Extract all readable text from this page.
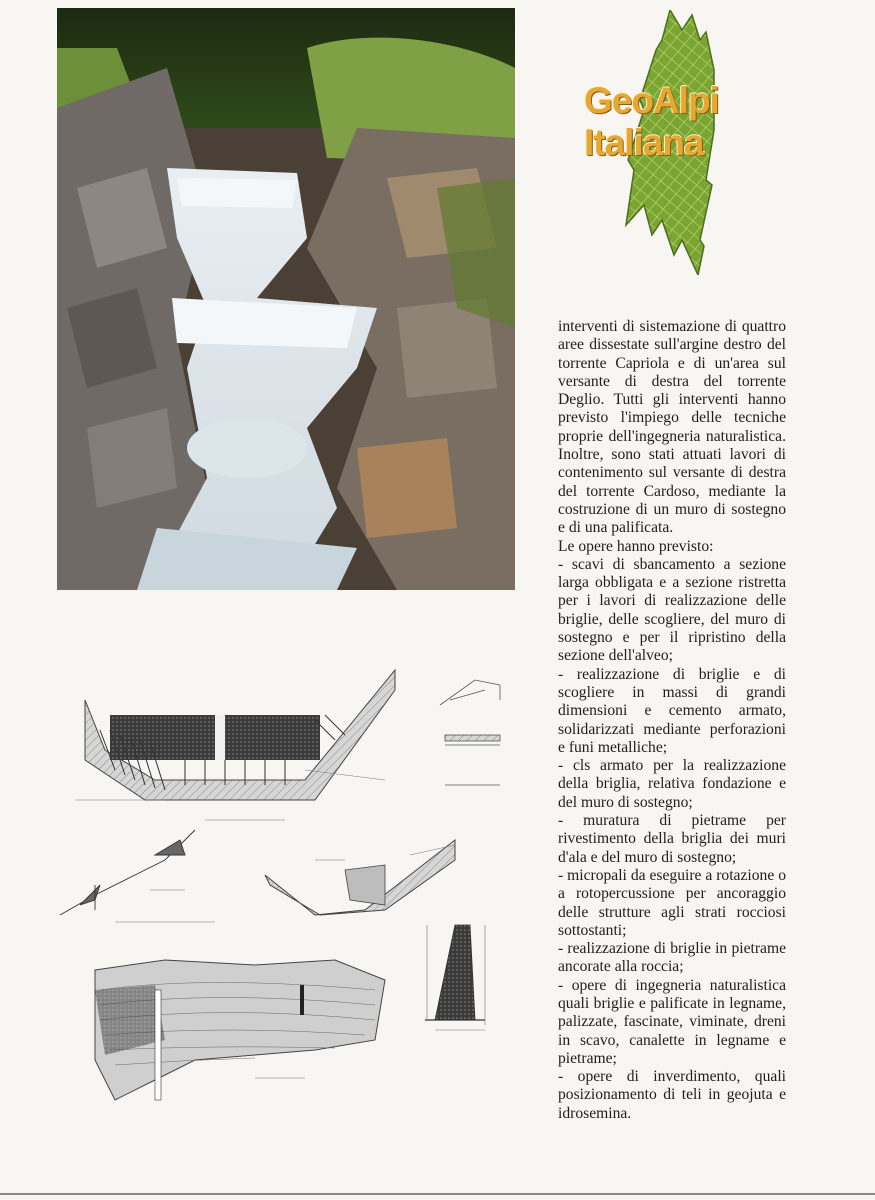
GeoAlpi
Italiana

interventi di sistemazione di quattro aree dissestate sull'argine destro del torrente Capriola e di un'area sul versante di destra del torrente Deglio. Tutti gli interventi hanno previsto l'impiego delle tecniche proprie dell'ingegneria naturalistica. Inoltre, sono stati attuati lavori di contenimento sul versante di destra del torrente Cardoso, mediante la costruzione di un muro di sostegno e di una palificata.

Le opere hanno previsto:

- scavi di sbancamento a sezione larga obbligata e a sezione ristretta per i lavori di realizzazione delle briglie, delle scogliere, del muro di sostegno e per il ripristino della sezione dell'alveo;

- realizzazione di briglie e di scogliere in massi di grandi dimensioni e cemento armato, solidarizzati mediante perforazioni e funi metalliche;

- cls armato per la realizzazione della briglia, relativa fondazione e del muro di sostegno;

- muratura di pietrame per rivestimento della briglia dei muri d'ala e del muro di sostegno;

- micropali da eseguire a rotazione o a rotopercussione per ancoraggio delle strutture agli strati rocciosi sottostanti;

- realizzazione di briglie in pietrame ancorate alla roccia;

- opere di ingegneria naturalistica quali briglie e palificate in legname, palizzate, fascinate, viminate, dreni in scavo, canalette in legname e pietrame;

- opere di inverdimento, quali posizionamento di teli in geojuta e idrosemina.
